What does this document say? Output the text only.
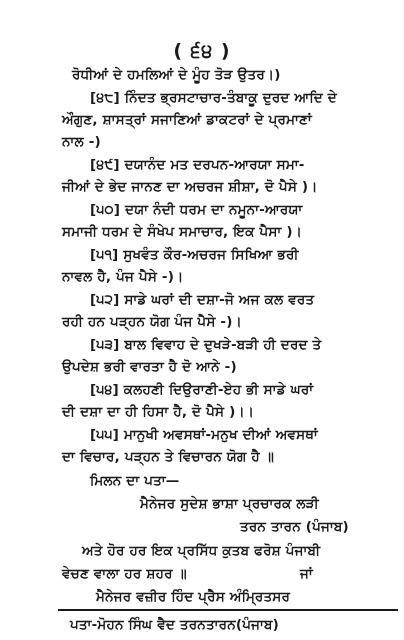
( ੬੪ )
ਰੋਧੀਆਂ ਦੇ ਹਮਲਿਆਂ ਦੇ ਮੂੰਹ ਤੋੜ ਉਤਰ।)
[੪੮] ਨਿੰਦਤ ਭ੍ਰਸਟਾਚਾਰ-ਤੰਬਾਕੂ ਦੁਰਦ ਆਦਿ ਦੇ
ਔਗੁਣ, ਸ਼ਾਸਤ੍ਰਾਂ ਸਜਾਣਿਆਂ ਡਾਕਟਰਾਂ ਦੇ ਪ੍ਰਮਾਣਾਂ
ਨਾਲ -)
[੪੯] ਦਯਾਨੰਦ ਮਤ ਦਰਪਨ-ਆਰਯਾ ਸਮਾ-
ਜੀਆਂ ਦੇ ਭੇਦ ਜਾਨਣ ਦਾ ਅਚਰਜ ਸ਼ੀਸ਼ਾ, ਦੋ ਪੈਸੇ )।
[੫੦] ਦਯਾ ਨੰਦੀ ਧਰਮ ਦਾ ਨਮੂਨਾ-ਆਰਯਾ
ਸਮਾਜੀ ਧਰਮ ਦੇ ਸੰਖੇਪ ਸਮਾਚਾਰ, ਇਕ ਪੈਸਾ )।
[੫੧] ਸੁਖਵੰਤ ਕੌਰ-ਅਚਰਜ ਸਿਖਿਆ ਭਰੀ
ਨਾਵਲ ਹੈ, ਪੰਜ ਪੈਸੇ -)।
[੫੨] ਸਾਡੇ ਘਰਾਂ ਦੀ ਦਸ਼ਾ-ਜੋ ਅਜ ਕਲ ਵਰਤ
ਰਹੀ ਹਨ ਪੜ੍ਹਨ ਯੋਗ ਪੰਜ ਪੈਸੇ -)।
[੫੩] ਬਾਲ ਵਿਵਾਹ ਦੇ ਦੁਖੜੇ-ਬੜੀ ਹੀ ਦਰਦ ਤੇ
ਉਪਦੇਸ਼ ਭਰੀ ਵਾਰਤਾ ਹੈ ਦੋ ਆਨੇ -)
[੫੪] ਕਲਹਣੀ ਦਿਉਰਾਣੀ-ਏਹ ਭੀ ਸਾਡੇ ਘਰਾਂ
ਦੀ ਦਸ਼ਾ ਦਾ ਹੀ ਹਿਸਾ ਹੈ, ਦੋ ਪੈਸੇ )।।
[੫੫] ਮਾਨੁਖੀ ਅਵਸਥਾਂ-ਮਨੁਖ ਦੀਆਂ ਅਵਸਥਾਂ
ਦਾ ਵਿਚਾਰ, ਪੜ੍ਹਨ ਤੇ ਵਿਚਾਰਨ ਯੋਗ ਹੈ ॥
ਮਿਲਨ ਦਾ ਪਤਾ—
ਮੈਨੇਜਰ ਸੁਦੇਸ਼ ਭਾਸ਼ਾ ਪ੍ਰਚਾਰਕ ਲੜੀ
ਤਰਨ ਤਾਰਨ (ਪੰਜਾਬ)
ਅਤੇ ਹੋਰ ਹਰ ਇਕ ਪ੍ਰਸਿੱਧ ਕੁਤਬ ਫਰੋਸ਼ ਪੰਜਾਬੀ
ਵੇਚਣ ਵਾਲਾ ਹਰ ਸ਼ਹਰ ॥	ਜਾਂ
ਮੈਨੇਜਰ ਵਜ਼ੀਰ ਹਿੰਦ ਪ੍ਰੈਸ ਅੰਮ੍ਰਿਤਸਰ
ਪਤਾ-ਮੋਹਨ ਸਿੰਘ ਵੈਦ ਤਰਨਤਾਰਨ(ਪੰਜਾਬ)
